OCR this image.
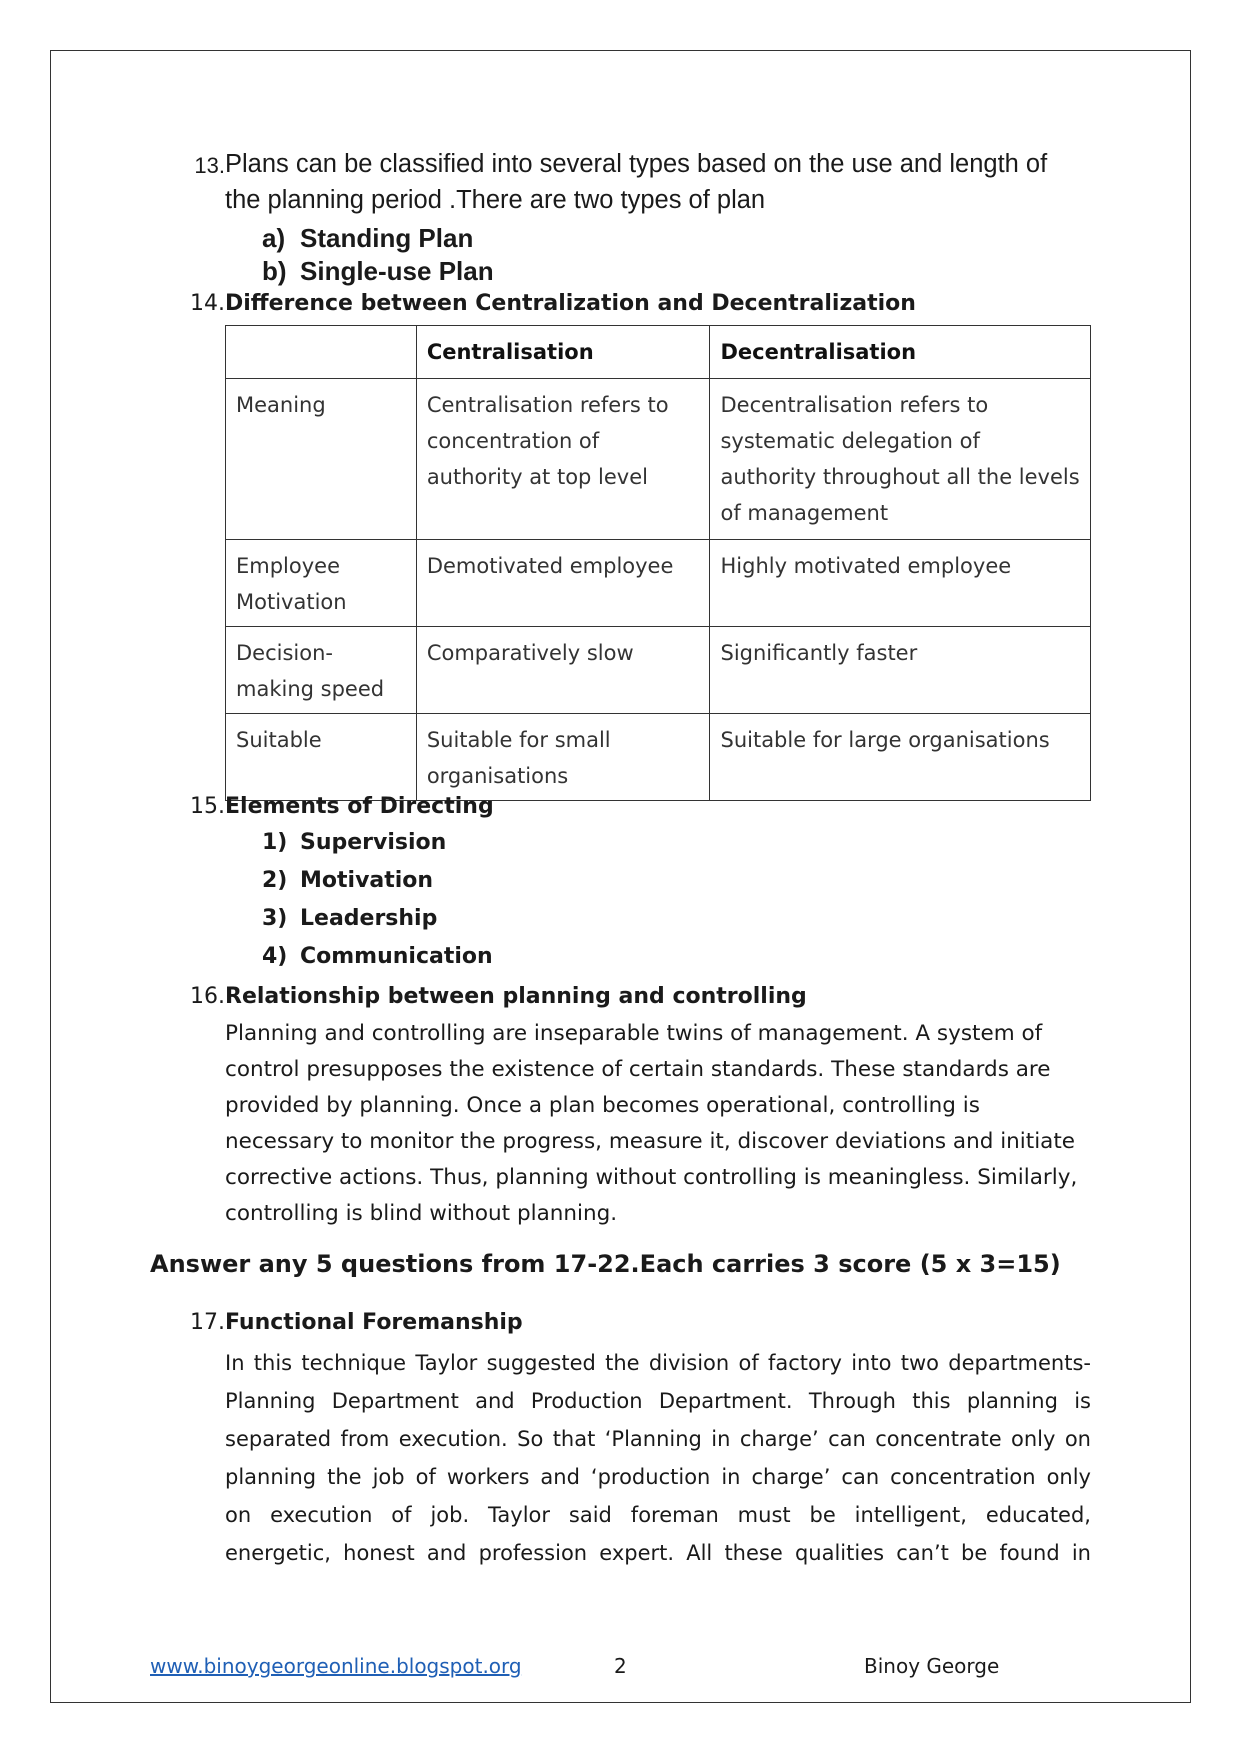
13. Plans can be classified into several types based on the use and length of
the planning period .There are two types of plan
a) Standing Plan
b) Single-use Plan
14.Difference between Centralization and Decentralization
	Centralisation	Decentralisation
Meaning	Centralisation refers to concentration of authority at top level	Decentralisation refers to systematic delegation of authority throughout all the levels of management
Employee Motivation	Demotivated employee	Highly motivated employee
Decision-making speed	Comparatively slow	Significantly faster
Suitable	Suitable for small organisations	Suitable for large organisations
15.Elements of Directing
1) Supervision
2) Motivation
3) Leadership
4) Communication
16.Relationship between planning and controlling
Planning and controlling are inseparable twins of management. A system of
control presupposes the existence of certain standards. These standards are
provided by planning. Once a plan becomes operational, controlling is
necessary to monitor the progress, measure it, discover deviations and initiate
corrective actions. Thus, planning without controlling is meaningless. Similarly,
controlling is blind without planning.
Answer any 5 questions from 17-22.Each carries 3 score (5 x 3=15)
17.Functional Foremanship
In this technique Taylor suggested the division of factory into two departments-
Planning Department and Production Department. Through this planning is
separated from execution. So that ‘Planning in charge’ can concentrate only on
planning the job of workers and ‘production in charge’ can concentration only
on execution of job. Taylor said foreman must be intelligent, educated,
energetic, honest and profession expert. All these qualities can’t be found in
www.binoygeorgeonline.blogspot.org	2	Binoy George
